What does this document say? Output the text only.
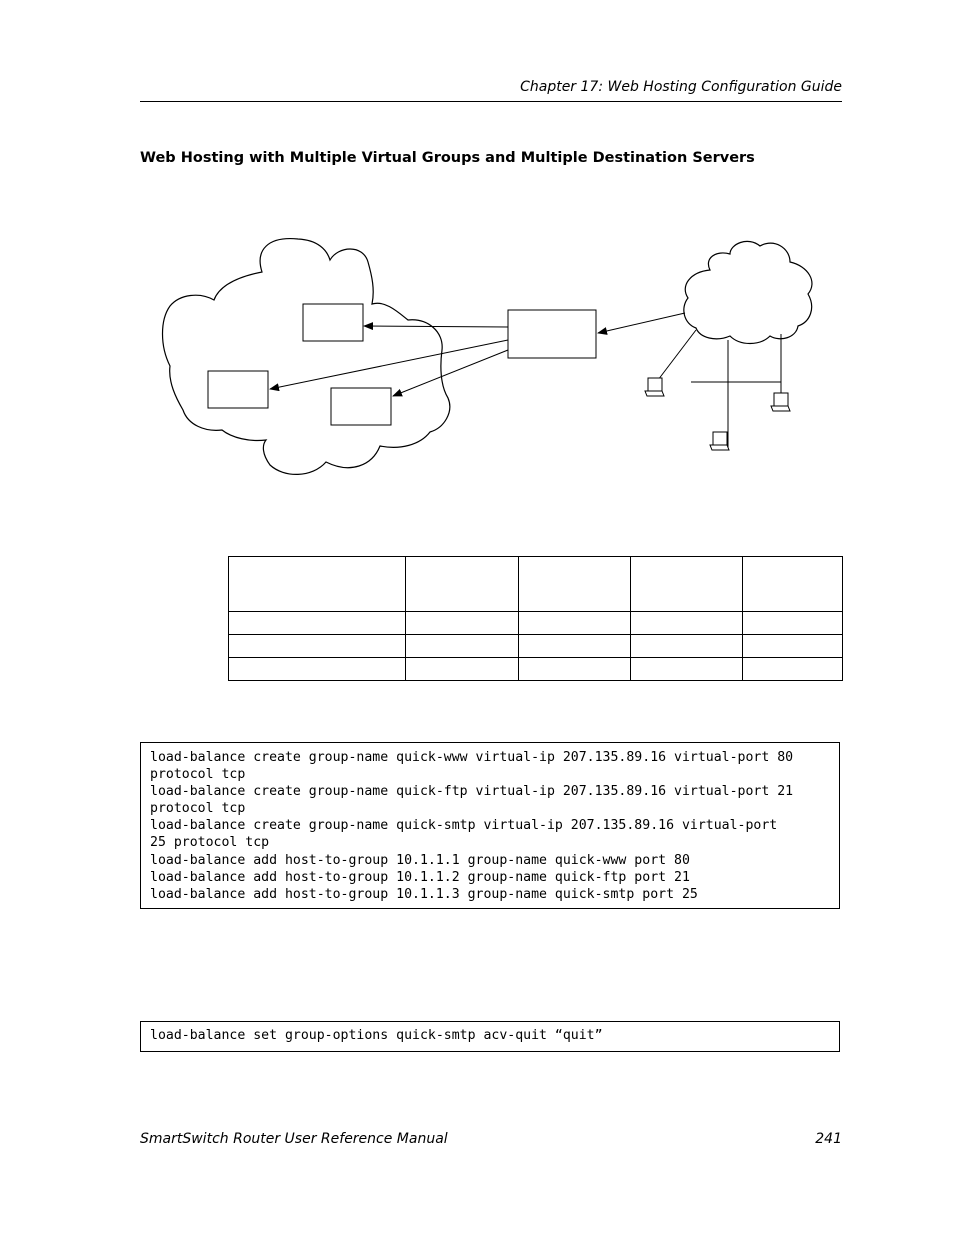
Chapter 17: Web Hosting Configuration Guide
Web Hosting with Multiple Virtual Groups and Multiple Destination Servers

load-balance create group-name quick-www virtual-ip 207.135.89.16 virtual-port 80
protocol tcp
load-balance create group-name quick-ftp virtual-ip 207.135.89.16 virtual-port 21
protocol tcp
load-balance create group-name quick-smtp virtual-ip 207.135.89.16 virtual-port
25 protocol tcp
load-balance add host-to-group 10.1.1.1 group-name quick-www port 80
load-balance add host-to-group 10.1.1.2 group-name quick-ftp port 21
load-balance add host-to-group 10.1.1.3 group-name quick-smtp port 25
load-balance set group-options quick-smtp acv-quit “quit”
SmartSwitch Router User Reference Manual	241
